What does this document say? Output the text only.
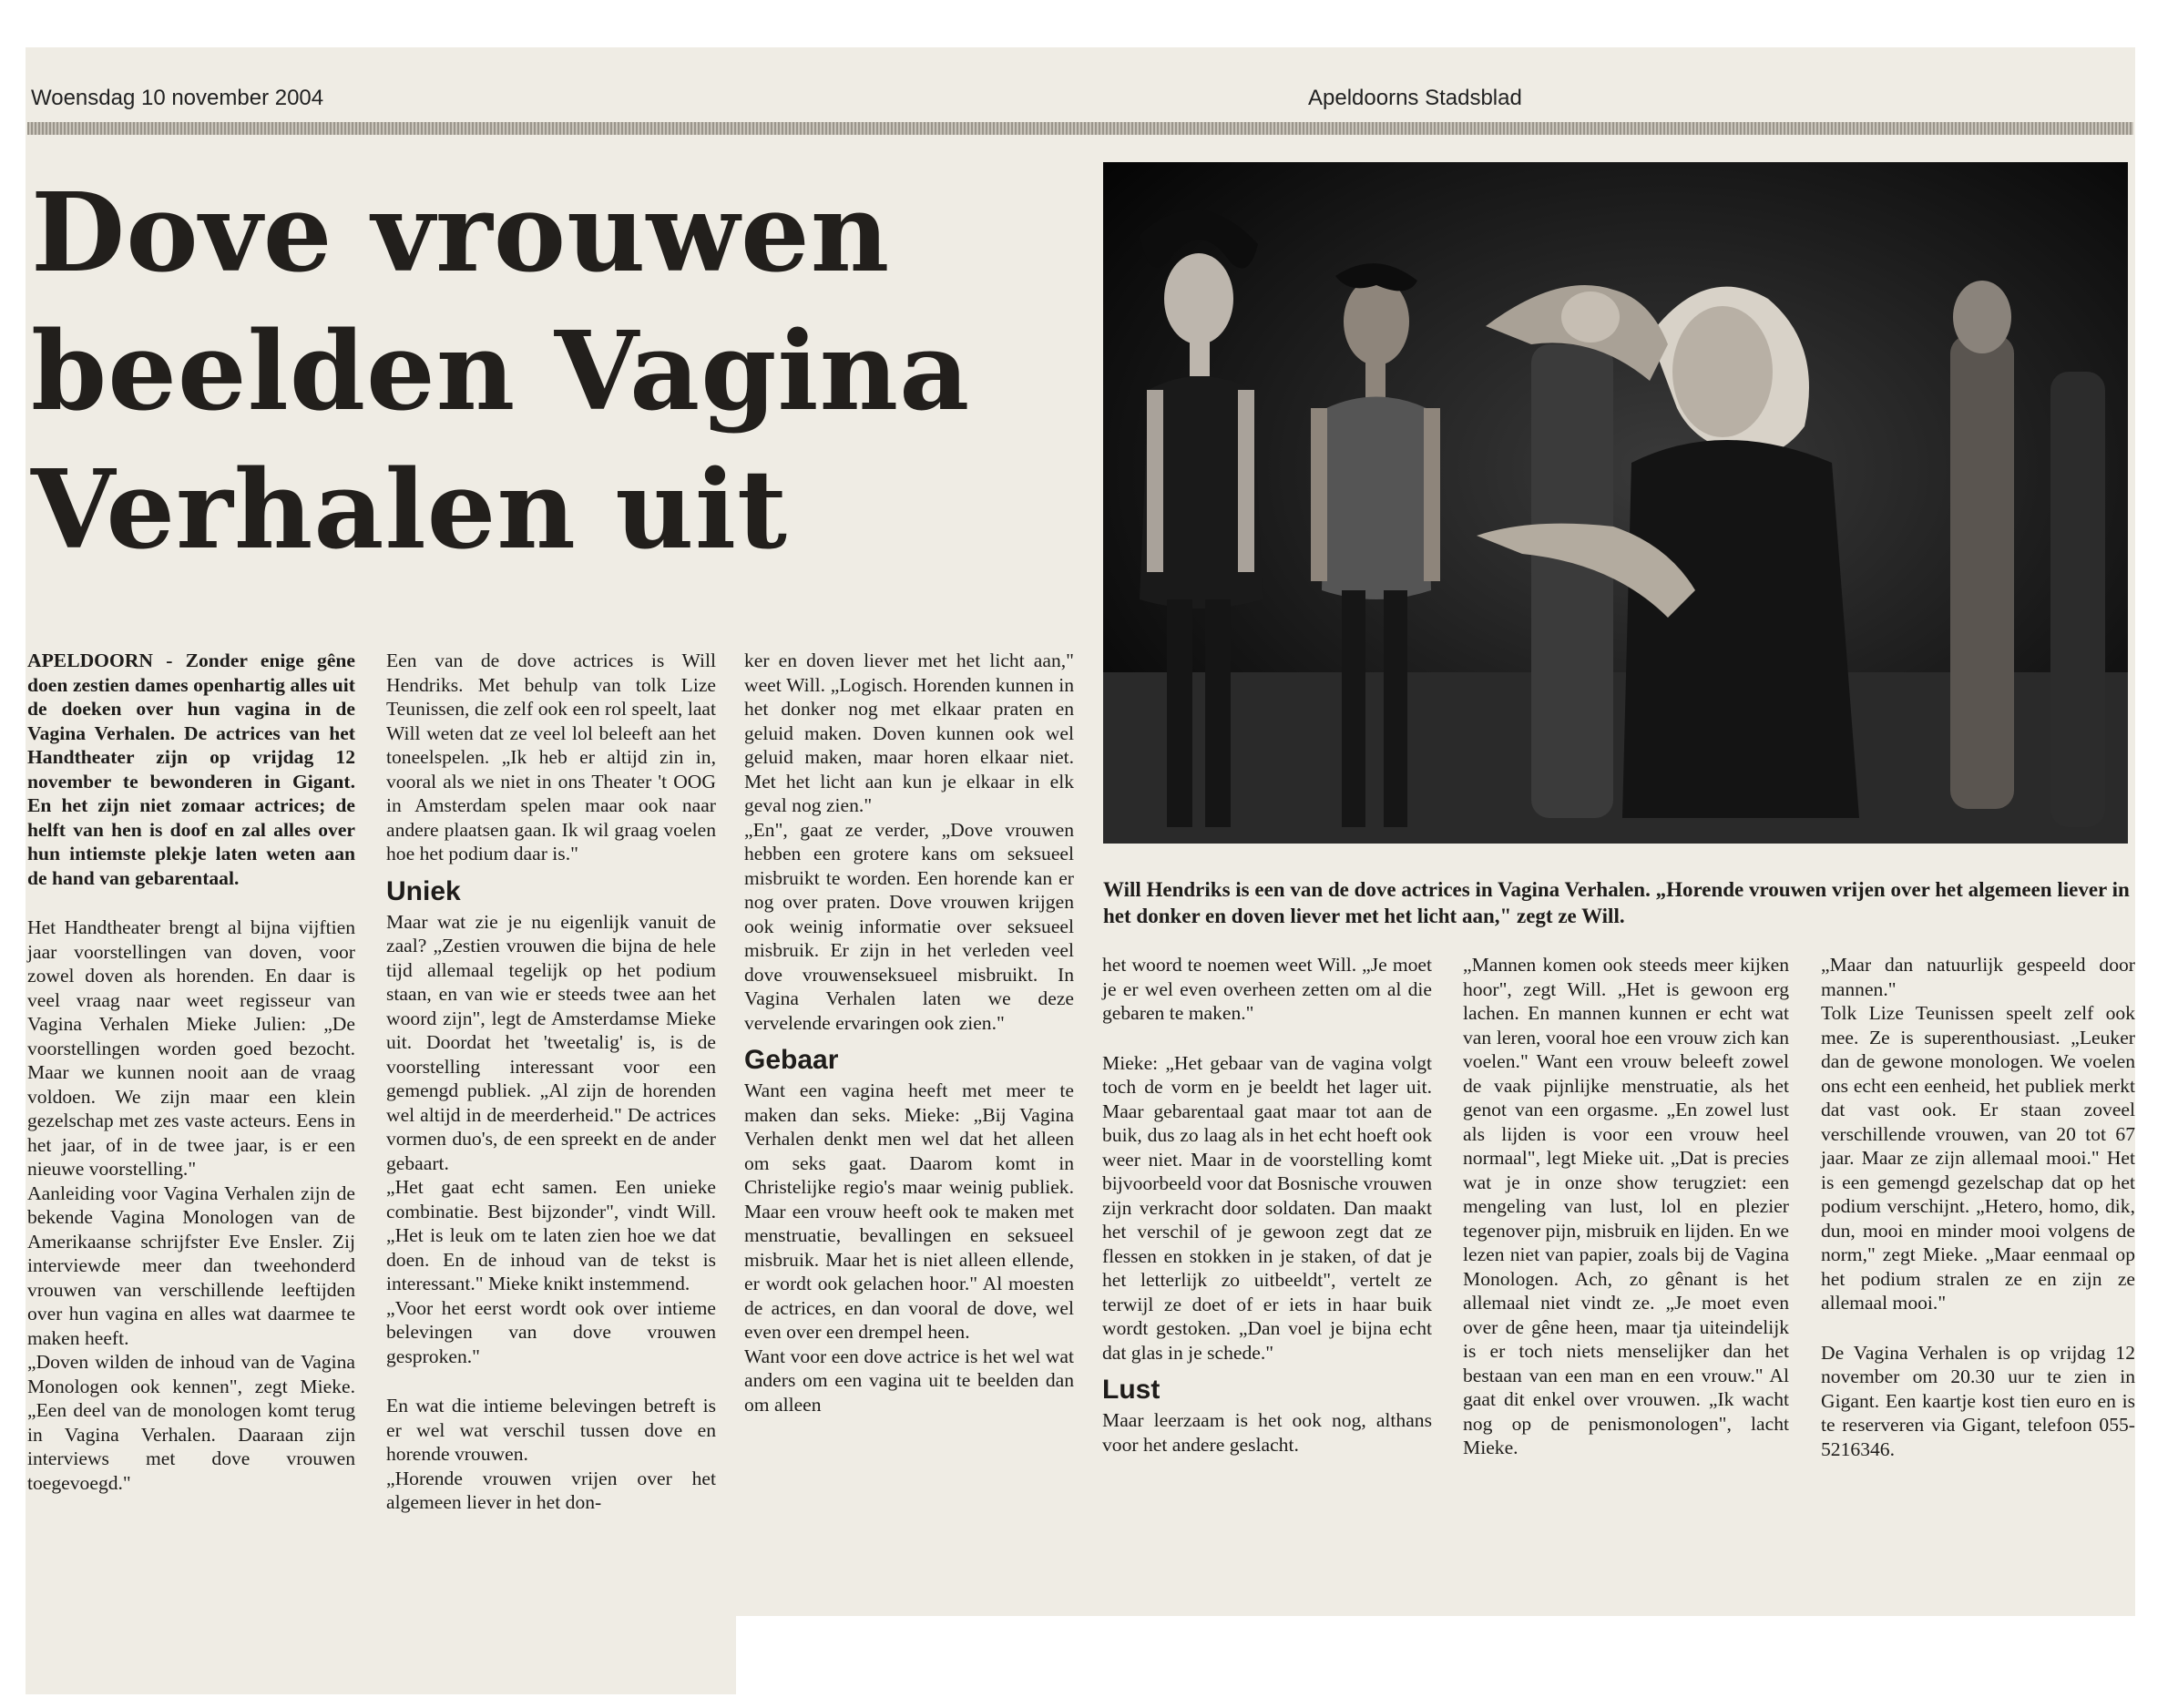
Woensdag 10 november 2004	Apeldoorns Stadsblad
Dove vrouwen
beelden Vagina
Verhalen uit
Will Hendriks is een van de dove actrices in Vagina Verhalen. „Horende vrouwen vrijen over het algemeen liever in het donker en doven liever met het licht aan," zegt ze Will.

APELDOORN - Zonder enige gêne doen zestien dames openhartig alles uit de doeken over hun vagina in de Vagina Verhalen. De actrices van het Handtheater zijn op vrijdag 12 november te bewonderen in Gigant. En het zijn niet zomaar actrices; de helft van hen is doof en zal alles over hun intiemste plekje laten weten aan de hand van gebarentaal.

Het Handtheater brengt al bijna vijftien jaar voorstellingen van doven, voor zowel doven als horenden. En daar is veel vraag naar weet regisseur van Vagina Verhalen Mieke Julien: „De voorstellingen worden goed bezocht. Maar we kunnen nooit aan de vraag voldoen. We zijn maar een klein gezelschap met zes vaste acteurs. Eens in het jaar, of in de twee jaar, is er een nieuwe voorstelling."

Aanleiding voor Vagina Verhalen zijn de bekende Vagina Monologen van de Amerikaanse schrijfster Eve Ensler. Zij interviewde meer dan tweehonderd vrouwen van verschillende leeftijden over hun vagina en alles wat daarmee te maken heeft.

„Doven wilden de inhoud van de Vagina Monologen ook kennen", zegt Mieke. „Een deel van de monologen komt terug in Vagina Verhalen. Daaraan zijn interviews met dove vrouwen toegevoegd."

Een van de dove actrices is Will Hendriks. Met behulp van tolk Lize Teunissen, die zelf ook een rol speelt, laat Will weten dat ze veel lol beleeft aan het toneelspelen. „Ik heb er altijd zin in, vooral als we niet in ons Theater 't OOG in Amsterdam spelen maar ook naar andere plaatsen gaan. Ik wil graag voelen hoe het podium daar is."

Uniek

Maar wat zie je nu eigenlijk vanuit de zaal? „Zestien vrouwen die bijna de hele tijd allemaal tegelijk op het podium staan, en van wie er steeds twee aan het woord zijn", legt de Amsterdamse Mieke uit. Doordat het 'tweetalig' is, is de voorstelling interessant voor een gemengd publiek. „Al zijn de horenden wel altijd in de meerderheid." De actrices vormen duo's, de een spreekt en de ander gebaart.

„Het gaat echt samen. Een unieke combinatie. Best bijzonder", vindt Will. „Het is leuk om te laten zien hoe we dat doen. En de inhoud van de tekst is interessant." Mieke knikt instemmend.

„Voor het eerst wordt ook over intieme belevingen van dove vrouwen gesproken."

En wat die intieme belevingen betreft is er wel wat verschil tussen dove en horende vrouwen.

„Horende vrouwen vrijen over het algemeen liever in het don-

ker en doven liever met het licht aan," weet Will. „Logisch. Horenden kunnen in het donker nog met elkaar praten en geluid maken. Doven kunnen ook wel geluid maken, maar horen elkaar niet. Met het licht aan kun je elkaar in elk geval nog zien."

„En", gaat ze verder, „Dove vrouwen hebben een grotere kans om seksueel misbruikt te worden. Een horende kan er nog over praten. Dove vrouwen krijgen ook weinig informatie over seksueel misbruik. Er zijn in het verleden veel dove vrouwenseksueel misbruikt. In Vagina Verhalen laten we deze vervelende ervaringen ook zien."

Gebaar

Want een vagina heeft met meer te maken dan seks. Mieke: „Bij Vagina Verhalen denkt men wel dat het alleen om seks gaat. Daarom komt in Christelijke regio's maar weinig publiek. Maar een vrouw heeft ook te maken met menstruatie, bevallingen en seksueel misbruik. Maar het is niet alleen ellende, er wordt ook gelachen hoor." Al moesten de actrices, en dan vooral de dove, wel even over een drempel heen.

Want voor een dove actrice is het wel wat anders om een vagina uit te beelden dan om alleen

het woord te noemen weet Will. „Je moet je er wel even overheen zetten om al die gebaren te maken."

Mieke: „Het gebaar van de vagina volgt toch de vorm en je beeldt het lager uit. Maar gebarentaal gaat maar tot aan de buik, dus zo laag als in het echt hoeft ook weer niet. Maar in de voorstelling komt bijvoorbeeld voor dat Bosnische vrouwen zijn verkracht door soldaten. Dan maakt het verschil of je gewoon zegt dat ze flessen en stokken in je staken, of dat je het letterlijk zo uitbeeldt", vertelt ze terwijl ze doet of er iets in haar buik wordt gestoken. „Dan voel je bijna echt dat glas in je schede."

Lust

Maar leerzaam is het ook nog, althans voor het andere geslacht.

„Mannen komen ook steeds meer kijken hoor", zegt Will. „Het is gewoon erg lachen. En mannen kunnen er echt wat van leren, vooral hoe een vrouw zich kan voelen." Want een vrouw beleeft zowel de vaak pijnlijke menstruatie, als het genot van een orgasme. „En zowel lust als lijden is voor een vrouw heel normaal", legt Mieke uit. „Dat is precies wat je in onze show terugziet: een mengeling van lust, lol en plezier tegenover pijn, misbruik en lijden. En we lezen niet van papier, zoals bij de Vagina Monologen. Ach, zo gênant is het allemaal niet vindt ze. „Je moet even over de gêne heen, maar tja uiteindelijk is er toch niets menselijker dan het bestaan van een man en een vrouw." Al gaat dit enkel over vrouwen. „Ik wacht nog op de penismonologen", lacht Mieke.

„Maar dan natuurlijk gespeeld door mannen."

Tolk Lize Teunissen speelt zelf ook mee. Ze is superenthousiast. „Leuker dan de gewone monologen. We voelen ons echt een eenheid, het publiek merkt dat vast ook. Er staan zoveel verschillende vrouwen, van 20 tot 67 jaar. Maar ze zijn allemaal mooi." Het is een gemengd gezelschap dat op het podium verschijnt. „Hetero, homo, dik, dun, mooi en minder mooi volgens de norm," zegt Mieke. „Maar eenmaal op het podium stralen ze en zijn ze allemaal mooi."

De Vagina Verhalen is op vrijdag 12 november om 20.30 uur te zien in Gigant. Een kaartje kost tien euro en is te reserveren via Gigant, telefoon 055-5216346.
